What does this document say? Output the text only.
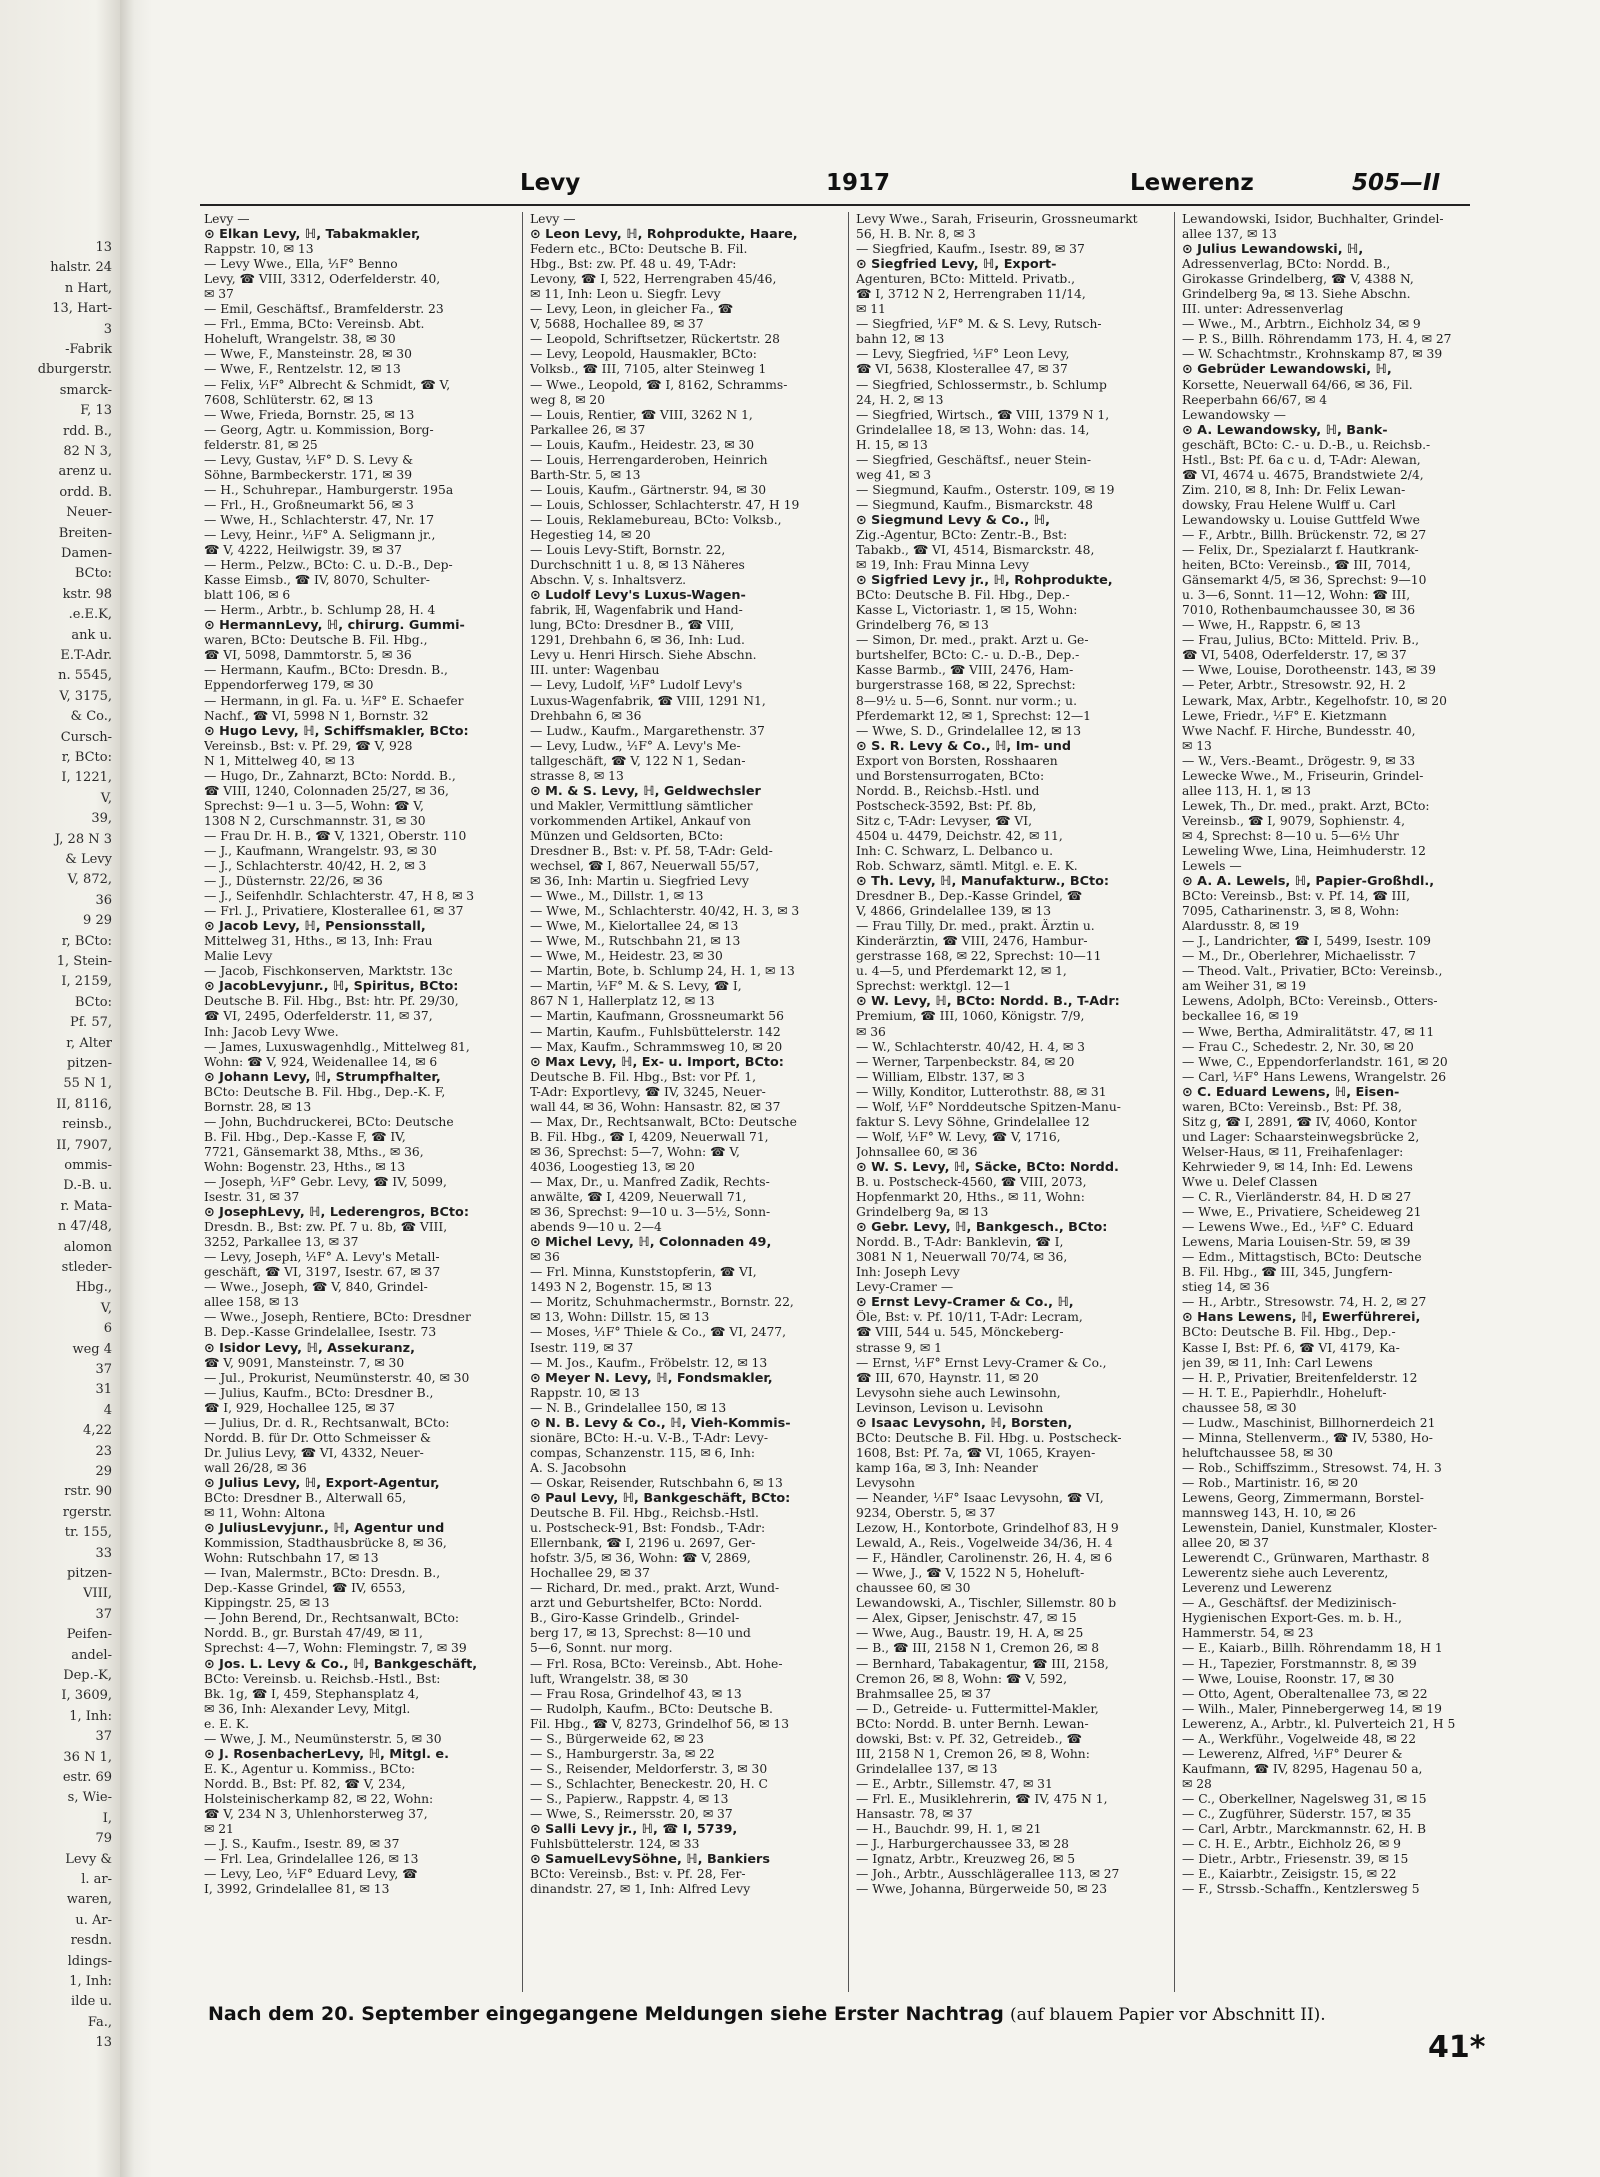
13
halstr. 24
n Hart,
13, Hart-
3
-Fabrik
dburgerstr.
smarck-
F, 13
rdd. B.,
82 N 3,
arenz u.
ordd. B.
Neuer-
Breiten-
Damen-
BCto:
kstr. 98
.e.E.K,
ank u.
E.T-Adr.
n. 5545,
V, 3175,
& Co.,
Cursch-
r, BCto:
I, 1221,
V,
39,
J, 28 N 3
& Levy
V, 872,
36
9 29
r, BCto:
1, Stein-
I, 2159,
BCto:
Pf. 57,
r, Alter
pitzen-
55 N 1,
II, 8116,
reinsb.,
II, 7907,
ommis-
D.-B. u.
r. Mata-
n 47/48,
alomon
stleder-
Hbg.,
V,
6
weg 4
37
31
4
4,22
23
29
rstr. 90
rgerstr.
tr. 155,
33
pitzen-
VIII,
37
Peifen-
andel-
Dep.-K,
I, 3609,
1, Inh:
37
36 N 1,
estr. 69
s, Wie-
I,
79
Levy &
l. ar-
waren,
u. Ar-
resdn.
ldings-
1, Inh:
ilde u.
Fa.,
13
Levy	1917	Lewerenz	505—II
Levy —
⊙ Elkan Levy, ℍ, Tabakmakler,
Rappstr. 10, ✉ 13
— Levy Wwe., Ella, ¹⁄₁F° Benno
Levy, ☎ VIII, 3312, Oderfelderstr. 40,
✉ 37
— Emil, Geschäftsf., Bramfelderstr. 23
— Frl., Emma, BCto: Vereinsb. Abt.
Hoheluft, Wrangelstr. 38, ✉ 30
— Wwe, F., Mansteinstr. 28, ✉ 30
— Wwe, F., Rentzelstr. 12, ✉ 13
— Felix, ¹⁄₁F° Albrecht & Schmidt, ☎ V,
7608, Schlüterstr. 62, ✉ 13
— Wwe, Frieda, Bornstr. 25, ✉ 13
— Georg, Agtr. u. Kommission, Borg-
felderstr. 81, ✉ 25
— Levy, Gustav, ¹⁄₁F° D. S. Levy &
Söhne, Barmbeckerstr. 171, ✉ 39
— H., Schuhrepar., Hamburgerstr. 195a
— Frl., H., Großneumarkt 56, ✉ 3
— Wwe, H., Schlachterstr. 47, Nr. 17
— Levy, Heinr., ¹⁄₁F° A. Seligmann jr.,
☎ V, 4222, Heilwigstr. 39, ✉ 37
— Herm., Pelzw., BCto: C. u. D.-B., Dep-
Kasse Eimsb., ☎ IV, 8070, Schulter-
blatt 106, ✉ 6
— Herm., Arbtr., b. Schlump 28, H. 4
⊙ HermannLevy, ℍ, chirurg. Gummi-
waren, BCto: Deutsche B. Fil. Hbg.,
☎ VI, 5098, Dammtorstr. 5, ✉ 36
— Hermann, Kaufm., BCto: Dresdn. B.,
Eppendorferweg 179, ✉ 30
— Hermann, in gl. Fa. u. ¹⁄₁F° E. Schaefer
Nachf., ☎ VI, 5998 N 1, Bornstr. 32
⊙ Hugo Levy, ℍ, Schiffsmakler, BCto:
Vereinsb., Bst: v. Pf. 29, ☎ V, 928
N 1, Mittelweg 40, ✉ 13
— Hugo, Dr., Zahnarzt, BCto: Nordd. B.,
☎ VIII, 1240, Colonnaden 25/27, ✉ 36,
Sprechst: 9—1 u. 3—5, Wohn: ☎ V,
1308 N 2, Curschmannstr. 31, ✉ 30
— Frau Dr. H. B., ☎ V, 1321, Oberstr. 110
— J., Kaufmann, Wrangelstr. 93, ✉ 30
— J., Schlachterstr. 40/42, H. 2, ✉ 3
— J., Düsternstr. 22/26, ✉ 36
— J., Seifenhdlr. Schlachterstr. 47, H 8, ✉ 3
— Frl. J., Privatiere, Klosterallee 61, ✉ 37
⊙ Jacob Levy, ℍ, Pensionsstall,
Mittelweg 31, Hths., ✉ 13, Inh: Frau
Malie Levy
— Jacob, Fischkonserven, Marktstr. 13c
⊙ JacobLevyjunr., ℍ, Spiritus, BCto:
Deutsche B. Fil. Hbg., Bst: htr. Pf. 29/30,
☎ VI, 2495, Oderfelderstr. 11, ✉ 37,
Inh: Jacob Levy Wwe.
— James, Luxuswagenhdlg., Mittelweg 81,
Wohn: ☎ V, 924, Weidenallee 14, ✉ 6
⊙ Johann Levy, ℍ, Strumpfhalter,
BCto: Deutsche B. Fil. Hbg., Dep.-K. F,
Bornstr. 28, ✉ 13
— John, Buchdruckerei, BCto: Deutsche
B. Fil. Hbg., Dep.-Kasse F, ☎ IV,
7721, Gänsemarkt 38, Mths., ✉ 36,
Wohn: Bogenstr. 23, Hths., ✉ 13
— Joseph, ¹⁄₁F° Gebr. Levy, ☎ IV, 5099,
Isestr. 31, ✉ 37
⊙ JosephLevy, ℍ, Lederengros, BCto:
Dresdn. B., Bst: zw. Pf. 7 u. 8b, ☎ VIII,
3252, Parkallee 13, ✉ 37
— Levy, Joseph, ¹⁄₁F° A. Levy's Metall-
geschäft, ☎ VI, 3197, Isestr. 67, ✉ 37
— Wwe., Joseph, ☎ V, 840, Grindel-
allee 158, ✉ 13
— Wwe., Joseph, Rentiere, BCto: Dresdner
B. Dep.-Kasse Grindelallee, Isestr. 73
⊙ Isidor Levy, ℍ, Assekuranz,
☎ V, 9091, Mansteinstr. 7, ✉ 30
— Jul., Prokurist, Neumünsterstr. 40, ✉ 30
— Julius, Kaufm., BCto: Dresdner B.,
☎ I, 929, Hochallee 125, ✉ 37
— Julius, Dr. d. R., Rechtsanwalt, BCto:
Nordd. B. für Dr. Otto Schmeisser &
Dr. Julius Levy, ☎ VI, 4332, Neuer-
wall 26/28, ✉ 36
⊙ Julius Levy, ℍ, Export-Agentur,
BCto: Dresdner B., Alterwall 65,
✉ 11, Wohn: Altona
⊙ JuliusLevyjunr., ℍ, Agentur und
Kommission, Stadthausbrücke 8, ✉ 36,
Wohn: Rutschbahn 17, ✉ 13
— Ivan, Malermstr., BCto: Dresdn. B.,
Dep.-Kasse Grindel, ☎ IV, 6553,
Kippingstr. 25, ✉ 13
— John Berend, Dr., Rechtsanwalt, BCto:
Nordd. B., gr. Burstah 47/49, ✉ 11,
Sprechst: 4—7, Wohn: Flemingstr. 7, ✉ 39
⊙ Jos. L. Levy & Co., ℍ, Bankgeschäft,
BCto: Vereinsb. u. Reichsb.-Hstl., Bst:
Bk. 1g, ☎ I, 459, Stephansplatz 4,
✉ 36, Inh: Alexander Levy, Mitgl.
e. E. K.
— Wwe, J. M., Neumünsterstr. 5, ✉ 30
⊙ J. RosenbacherLevy, ℍ, Mitgl. e.
E. K., Agentur u. Kommiss., BCto:
Nordd. B., Bst: Pf. 82, ☎ V, 234,
Holsteinischerkamp 82, ✉ 22, Wohn:
☎ V, 234 N 3, Uhlenhorsterweg 37,
✉ 21
— J. S., Kaufm., Isestr. 89, ✉ 37
— Frl. Lea, Grindelallee 126, ✉ 13
— Levy, Leo, ¹⁄₁F° Eduard Levy, ☎
I, 3992, Grindelallee 81, ✉ 13
Levy —
⊙ Leon Levy, ℍ, Rohprodukte, Haare,
Federn etc., BCto: Deutsche B. Fil.
Hbg., Bst: zw. Pf. 48 u. 49, T-Adr:
Levony, ☎ I, 522, Herrengraben 45/46,
✉ 11, Inh: Leon u. Siegfr. Levy
— Levy, Leon, in gleicher Fa., ☎
V, 5688, Hochallee 89, ✉ 37
— Leopold, Schriftsetzer, Rückertstr. 28
— Levy, Leopold, Hausmakler, BCto:
Volksb., ☎ III, 7105, alter Steinweg 1
— Wwe., Leopold, ☎ I, 8162, Schramms-
weg 8, ✉ 20
— Louis, Rentier, ☎ VIII, 3262 N 1,
Parkallee 26, ✉ 37
— Louis, Kaufm., Heidestr. 23, ✉ 30
— Louis, Herrengarderoben, Heinrich
Barth-Str. 5, ✉ 13
— Louis, Kaufm., Gärtnerstr. 94, ✉ 30
— Louis, Schlosser, Schlachterstr. 47, H 19
— Louis, Reklamebureau, BCto: Volksb.,
Hegestieg 14, ✉ 20
— Louis Levy-Stift, Bornstr. 22,
Durchschnitt 1 u. 8, ✉ 13 Näheres
Abschn. V, s. Inhaltsverz.
⊙ Ludolf Levy's Luxus-Wagen-
fabrik, ℍ, Wagenfabrik und Hand-
lung, BCto: Dresdner B., ☎ VIII,
1291, Drehbahn 6, ✉ 36, Inh: Lud.
Levy u. Henri Hirsch. Siehe Abschn.
III. unter: Wagenbau
— Levy, Ludolf, ¹⁄₁F° Ludolf Levy's
Luxus-Wagenfabrik, ☎ VIII, 1291 N1,
Drehbahn 6, ✉ 36
— Ludw., Kaufm., Margarethenstr. 37
— Levy, Ludw., ¹⁄₁F° A. Levy's Me-
tallgeschäft, ☎ V, 122 N 1, Sedan-
strasse 8, ✉ 13
⊙ M. & S. Levy, ℍ, Geldwechsler
und Makler, Vermittlung sämtlicher
vorkommenden Artikel, Ankauf von
Münzen und Geldsorten, BCto:
Dresdner B., Bst: v. Pf. 58, T-Adr: Geld-
wechsel, ☎ I, 867, Neuerwall 55/57,
✉ 36, Inh: Martin u. Siegfried Levy
— Wwe., M., Dillstr. 1, ✉ 13
— Wwe, M., Schlachterstr. 40/42, H. 3, ✉ 3
— Wwe, M., Kielortallee 24, ✉ 13
— Wwe, M., Rutschbahn 21, ✉ 13
— Wwe, M., Heidestr. 23, ✉ 30
— Martin, Bote, b. Schlump 24, H. 1, ✉ 13
— Martin, ¹⁄₁F° M. & S. Levy, ☎ I,
867 N 1, Hallerplatz 12, ✉ 13
— Martin, Kaufmann, Grossneumarkt 56
— Martin, Kaufm., Fuhlsbüttelerstr. 142
— Max, Kaufm., Schrammsweg 10, ✉ 20
⊙ Max Levy, ℍ, Ex- u. Import, BCto:
Deutsche B. Fil. Hbg., Bst: vor Pf. 1,
T-Adr: Exportlevy, ☎ IV, 3245, Neuer-
wall 44, ✉ 36, Wohn: Hansastr. 82, ✉ 37
— Max, Dr., Rechtsanwalt, BCto: Deutsche
B. Fil. Hbg., ☎ I, 4209, Neuerwall 71,
✉ 36, Sprechst: 5—7, Wohn: ☎ V,
4036, Loogestieg 13, ✉ 20
— Max, Dr., u. Manfred Zadik, Rechts-
anwälte, ☎ I, 4209, Neuerwall 71,
✉ 36, Sprechst: 9—10 u. 3—5½, Sonn-
abends 9—10 u. 2—4
⊙ Michel Levy, ℍ, Colonnaden 49,
✉ 36
— Frl. Minna, Kunststopferin, ☎ VI,
1493 N 2, Bogenstr. 15, ✉ 13
— Moritz, Schuhmachermstr., Bornstr. 22,
✉ 13, Wohn: Dillstr. 15, ✉ 13
— Moses, ¹⁄₁F° Thiele & Co., ☎ VI, 2477,
Isestr. 119, ✉ 37
— M. Jos., Kaufm., Fröbelstr. 12, ✉ 13
⊙ Meyer N. Levy, ℍ, Fondsmakler,
Rappstr. 10, ✉ 13
— N. B., Grindelallee 150, ✉ 13
⊙ N. B. Levy & Co., ℍ, Vieh-Kommis-
sionäre, BCto: H.-u. V.-B., T-Adr: Levy-
compas, Schanzenstr. 115, ✉ 6, Inh:
A. S. Jacobsohn
— Oskar, Reisender, Rutschbahn 6, ✉ 13
⊙ Paul Levy, ℍ, Bankgeschäft, BCto:
Deutsche B. Fil. Hbg., Reichsb.-Hstl.
u. Postscheck-91, Bst: Fondsb., T-Adr:
Ellernbank, ☎ I, 2196 u. 2697, Ger-
hofstr. 3/5, ✉ 36, Wohn: ☎ V, 2869,
Hochallee 29, ✉ 37
— Richard, Dr. med., prakt. Arzt, Wund-
arzt und Geburtshelfer, BCto: Nordd.
B., Giro-Kasse Grindelb., Grindel-
berg 17, ✉ 13, Sprechst: 8—10 und
5—6, Sonnt. nur morg.
— Frl. Rosa, BCto: Vereinsb., Abt. Hohe-
luft, Wrangelstr. 38, ✉ 30
— Frau Rosa, Grindelhof 43, ✉ 13
— Rudolph, Kaufm., BCto: Deutsche B.
Fil. Hbg., ☎ V, 8273, Grindelhof 56, ✉ 13
— S., Bürgerweide 62, ✉ 23
— S., Hamburgerstr. 3a, ✉ 22
— S., Reisender, Meldorferstr. 3, ✉ 30
— S., Schlachter, Beneckestr. 20, H. C
— S., Papierw., Rappstr. 4, ✉ 13
— Wwe, S., Reimersstr. 20, ✉ 37
⊙ Salli Levy jr., ℍ, ☎ I, 5739,
Fuhlsbüttelerstr. 124, ✉ 33
⊙ SamuelLevySöhne, ℍ, Bankiers
BCto: Vereinsb., Bst: v. Pf. 28, Fer-
dinandstr. 27, ✉ 1, Inh: Alfred Levy
Levy Wwe., Sarah, Friseurin, Grossneumarkt
56, H. B. Nr. 8, ✉ 3
— Siegfried, Kaufm., Isestr. 89, ✉ 37
⊙ Siegfried Levy, ℍ, Export-
Agenturen, BCto: Mitteld. Privatb.,
☎ I, 3712 N 2, Herrengraben 11/14,
✉ 11
— Siegfried, ¹⁄₁F° M. & S. Levy, Rutsch-
bahn 12, ✉ 13
— Levy, Siegfried, ¹⁄₁F° Leon Levy,
☎ VI, 5638, Klosterallee 47, ✉ 37
— Siegfried, Schlossermstr., b. Schlump
24, H. 2, ✉ 13
— Siegfried, Wirtsch., ☎ VIII, 1379 N 1,
Grindelallee 18, ✉ 13, Wohn: das. 14,
H. 15, ✉ 13
— Siegfried, Geschäftsf., neuer Stein-
weg 41, ✉ 3
— Siegmund, Kaufm., Osterstr. 109, ✉ 19
— Siegmund, Kaufm., Bismarckstr. 48
⊙ Siegmund Levy & Co., ℍ,
Zig.-Agentur, BCto: Zentr.-B., Bst:
Tabakb., ☎ VI, 4514, Bismarckstr. 48,
✉ 19, Inh: Frau Minna Levy
⊙ Sigfried Levy jr., ℍ, Rohprodukte,
BCto: Deutsche B. Fil. Hbg., Dep.-
Kasse L, Victoriastr. 1, ✉ 15, Wohn:
Grindelberg 76, ✉ 13
— Simon, Dr. med., prakt. Arzt u. Ge-
burtshelfer, BCto: C.- u. D.-B., Dep.-
Kasse Barmb., ☎ VIII, 2476, Ham-
burgerstrasse 168, ✉ 22, Sprechst:
8—9½ u. 5—6, Sonnt. nur vorm.; u.
Pferdemarkt 12, ✉ 1, Sprechst: 12—1
— Wwe, S. D., Grindelallee 12, ✉ 13
⊙ S. R. Levy & Co., ℍ, Im- und
Export von Borsten, Rosshaaren
und Borstensurrogaten, BCto:
Nordd. B., Reichsb.-Hstl. und
Postscheck-3592, Bst: Pf. 8b,
Sitz c, T-Adr: Levyser, ☎ VI,
4504 u. 4479, Deichstr. 42, ✉ 11,
Inh: C. Schwarz, L. Delbanco u.
Rob. Schwarz, sämtl. Mitgl. e. E. K.
⊙ Th. Levy, ℍ, Manufakturw., BCto:
Dresdner B., Dep.-Kasse Grindel, ☎
V, 4866, Grindelallee 139, ✉ 13
— Frau Tilly, Dr. med., prakt. Ärztin u.
Kinderärztin, ☎ VIII, 2476, Hambur-
gerstrasse 168, ✉ 22, Sprechst: 10—11
u. 4—5, und Pferdemarkt 12, ✉ 1,
Sprechst: werktgl. 12—1
⊙ W. Levy, ℍ, BCto: Nordd. B., T-Adr:
Premium, ☎ III, 1060, Königstr. 7/9,
✉ 36
— W., Schlachterstr. 40/42, H. 4, ✉ 3
— Werner, Tarpenbeckstr. 84, ✉ 20
— William, Elbstr. 137, ✉ 3
— Willy, Konditor, Lutterothstr. 88, ✉ 31
— Wolf, ¹⁄₁F° Norddeutsche Spitzen-Manu-
faktur S. Levy Söhne, Grindelallee 12
— Wolf, ¹⁄₁F° W. Levy, ☎ V, 1716,
Johnsallee 60, ✉ 36
⊙ W. S. Levy, ℍ, Säcke, BCto: Nordd.
B. u. Postscheck-4560, ☎ VIII, 2073,
Hopfenmarkt 20, Hths., ✉ 11, Wohn:
Grindelberg 9a, ✉ 13
⊙ Gebr. Levy, ℍ, Bankgesch., BCto:
Nordd. B., T-Adr: Banklevin, ☎ I,
3081 N 1, Neuerwall 70/74, ✉ 36,
Inh: Joseph Levy
Levy-Cramer —
⊙ Ernst Levy-Cramer & Co., ℍ,
Öle, Bst: v. Pf. 10/11, T-Adr: Lecram,
☎ VIII, 544 u. 545, Mönckeberg-
strasse 9, ✉ 1
— Ernst, ¹⁄₁F° Ernst Levy-Cramer & Co.,
☎ III, 670, Haynstr. 11, ✉ 20
Levysohn siehe auch Lewinsohn,
Levinson, Levison u. Levisohn
⊙ Isaac Levysohn, ℍ, Borsten,
BCto: Deutsche B. Fil. Hbg. u. Postscheck-
1608, Bst: Pf. 7a, ☎ VI, 1065, Krayen-
kamp 16a, ✉ 3, Inh: Neander
Levysohn
— Neander, ¹⁄₁F° Isaac Levysohn, ☎ VI,
9234, Oberstr. 5, ✉ 37
Lezow, H., Kontorbote, Grindelhof 83, H 9
Lewald, A., Reis., Vogelweide 34/36, H. 4
— F., Händler, Carolinenstr. 26, H. 4, ✉ 6
— Wwe, J., ☎ V, 1522 N 5, Hoheluft-
chaussee 60, ✉ 30
Lewandowski, A., Tischler, Sillemstr. 80 b
— Alex, Gipser, Jenischstr. 47, ✉ 15
— Wwe, Aug., Baustr. 19, H. A, ✉ 25
— B., ☎ III, 2158 N 1, Cremon 26, ✉ 8
— Bernhard, Tabakagentur, ☎ III, 2158,
Cremon 26, ✉ 8, Wohn: ☎ V, 592,
Brahmsallee 25, ✉ 37
— D., Getreide- u. Futtermittel-Makler,
BCto: Nordd. B. unter Bernh. Lewan-
dowski, Bst: v. Pf. 32, Getreideb., ☎
III, 2158 N 1, Cremon 26, ✉ 8, Wohn:
Grindelallee 137, ✉ 13
— E., Arbtr., Sillemstr. 47, ✉ 31
— Frl. E., Musiklehrerin, ☎ IV, 475 N 1,
Hansastr. 78, ✉ 37
— H., Bauchdr. 99, H. 1, ✉ 21
— J., Harburgerchaussee 33, ✉ 28
— Ignatz, Arbtr., Kreuzweg 26, ✉ 5
— Joh., Arbtr., Ausschlägerallee 113, ✉ 27
— Wwe, Johanna, Bürgerweide 50, ✉ 23
Lewandowski, Isidor, Buchhalter, Grindel-
allee 137, ✉ 13
⊙ Julius Lewandowski, ℍ,
Adressenverlag, BCto: Nordd. B.,
Girokasse Grindelberg, ☎ V, 4388 N,
Grindelberg 9a, ✉ 13. Siehe Abschn.
III. unter: Adressenverlag
— Wwe., M., Arbtrn., Eichholz 34, ✉ 9
— P. S., Billh. Röhrendamm 173, H. 4, ✉ 27
— W. Schachtmstr., Krohnskamp 87, ✉ 39
⊙ Gebrüder Lewandowski, ℍ,
Korsette, Neuerwall 64/66, ✉ 36, Fil.
Reeperbahn 66/67, ✉ 4
Lewandowsky —
⊙ A. Lewandowsky, ℍ, Bank-
geschäft, BCto: C.- u. D.-B., u. Reichsb.-
Hstl., Bst: Pf. 6a c u. d, T-Adr: Alewan,
☎ VI, 4674 u. 4675, Brandstwiete 2/4,
Zim. 210, ✉ 8, Inh: Dr. Felix Lewan-
dowsky, Frau Helene Wulff u. Carl
Lewandowsky u. Louise Guttfeld Wwe
— F., Arbtr., Billh. Brückenstr. 72, ✉ 27
— Felix, Dr., Spezialarzt f. Hautkrank-
heiten, BCto: Vereinsb., ☎ III, 7014,
Gänsemarkt 4/5, ✉ 36, Sprechst: 9—10
u. 3—6, Sonnt. 11—12, Wohn: ☎ III,
7010, Rothenbaumchaussee 30, ✉ 36
— Wwe, H., Rappstr. 6, ✉ 13
— Frau, Julius, BCto: Mitteld. Priv. B.,
☎ VI, 5408, Oderfelderstr. 17, ✉ 37
— Wwe, Louise, Dorotheenstr. 143, ✉ 39
— Peter, Arbtr., Stresowstr. 92, H. 2
Lewark, Max, Arbtr., Kegelhofstr. 10, ✉ 20
Lewe, Friedr., ¹⁄₁F° E. Kietzmann
Wwe Nachf. F. Hirche, Bundesstr. 40,
✉ 13
— W., Vers.-Beamt., Drögestr. 9, ✉ 33
Lewecke Wwe., M., Friseurin, Grindel-
allee 113, H. 1, ✉ 13
Lewek, Th., Dr. med., prakt. Arzt, BCto:
Vereinsb., ☎ I, 9079, Sophienstr. 4,
✉ 4, Sprechst: 8—10 u. 5—6½ Uhr
Leweling Wwe, Lina, Heimhuderstr. 12
Lewels —
⊙ A. A. Lewels, ℍ, Papier-Großhdl.,
BCto: Vereinsb., Bst: v. Pf. 14, ☎ III,
7095, Catharinenstr. 3, ✉ 8, Wohn:
Alardusstr. 8, ✉ 19
— J., Landrichter, ☎ I, 5499, Isestr. 109
— M., Dr., Oberlehrer, Michaelisstr. 7
— Theod. Valt., Privatier, BCto: Vereinsb.,
am Weiher 31, ✉ 19
Lewens, Adolph, BCto: Vereinsb., Otters-
beckallee 16, ✉ 19
— Wwe, Bertha, Admiralitätstr. 47, ✉ 11
— Frau C., Schedestr. 2, Nr. 30, ✉ 20
— Wwe, C., Eppendorferlandstr. 161, ✉ 20
— Carl, ¹⁄₁F° Hans Lewens, Wrangelstr. 26
⊙ C. Eduard Lewens, ℍ, Eisen-
waren, BCto: Vereinsb., Bst: Pf. 38,
Sitz g, ☎ I, 2891, ☎ IV, 4060, Kontor
und Lager: Schaarsteinwegsbrücke 2,
Welser-Haus, ✉ 11, Freihafenlager:
Kehrwieder 9, ✉ 14, Inh: Ed. Lewens
Wwe u. Delef Classen
— C. R., Vierländerstr. 84, H. D ✉ 27
— Wwe, E., Privatiere, Scheideweg 21
— Lewens Wwe., Ed., ¹⁄₁F° C. Eduard
Lewens, Maria Louisen-Str. 59, ✉ 39
— Edm., Mittagstisch, BCto: Deutsche
B. Fil. Hbg., ☎ III, 345, Jungfern-
stieg 14, ✉ 36
— H., Arbtr., Stresowstr. 74, H. 2, ✉ 27
⊙ Hans Lewens, ℍ, Ewerführerei,
BCto: Deutsche B. Fil. Hbg., Dep.-
Kasse I, Bst: Pf. 6, ☎ VI, 4179, Ka-
jen 39, ✉ 11, Inh: Carl Lewens
— H. P., Privatier, Breitenfelderstr. 12
— H. T. E., Papierhdlr., Hoheluft-
chaussee 58, ✉ 30
— Ludw., Maschinist, Billhornerdeich 21
— Minna, Stellenverm., ☎ IV, 5380, Ho-
heluftchaussee 58, ✉ 30
— Rob., Schiffszimm., Stresowst. 74, H. 3
— Rob., Martinistr. 16, ✉ 20
Lewens, Georg, Zimmermann, Borstel-
mannsweg 143, H. 10, ✉ 26
Lewenstein, Daniel, Kunstmaler, Kloster-
allee 20, ✉ 37
Lewerendt C., Grünwaren, Marthastr. 8
Lewerentz siehe auch Leverentz,
Leverenz und Lewerenz
— A., Geschäftsf. der Medizinisch-
Hygienischen Export-Ges. m. b. H.,
Hammerstr. 54, ✉ 23
— E., Kaiarb., Billh. Röhrendamm 18, H 1
— H., Tapezier, Forstmannstr. 8, ✉ 39
— Wwe, Louise, Roonstr. 17, ✉ 30
— Otto, Agent, Oberaltenallee 73, ✉ 22
— Wilh., Maler, Pinnebergerweg 14, ✉ 19
Lewerenz, A., Arbtr., kl. Pulverteich 21, H 5
— A., Werkführ., Vogelweide 48, ✉ 22
— Lewerenz, Alfred, ¹⁄₁F° Deurer &
Kaufmann, ☎ IV, 8295, Hagenau 50 a,
✉ 28
— C., Oberkellner, Nagelsweg 31, ✉ 15
— C., Zugführer, Süderstr. 157, ✉ 35
— Carl, Arbtr., Marckmannstr. 62, H. B
— C. H. E., Arbtr., Eichholz 26, ✉ 9
— Dietr., Arbtr., Friesenstr. 39, ✉ 15
— E., Kaiarbtr., Zeisigstr. 15, ✉ 22
— F., Strssb.-Schaffn., Kentzlersweg 5
Nach dem 20. September eingegangene Meldungen siehe Erster Nachtrag (auf blauem Papier vor Abschnitt II).
41*
